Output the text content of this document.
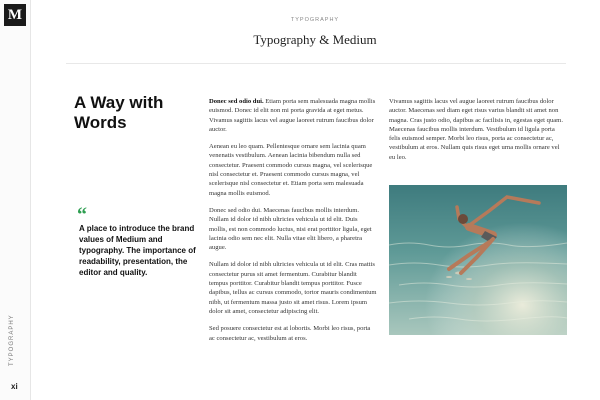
M
TYPOGRAPHY
xi
TYPOGRAPHY
Typography & Medium
A Way with Words
“
A place to introduce the brand values of Medium and typography. The importance of readability, presentation, the editor and quality.

Donec sed odio dui. Etiam porta sem malesuada magna mollis euismod. Donec id elit non mi porta gravida at eget metus. Vivamus sagittis lacus vel augue laoreet rutrum faucibus dolor auctor.

Aenean eu leo quam. Pellentesque ornare sem lacinia quam venenatis vestibulum. Aenean lacinia bibendum nulla sed consectetur. Praesent commodo cursus magna, vel scelerisque nisl consectetur et. Praesent commodo cursus magna, vel scelerisque nisl consectetur et. Etiam porta sem malesuada magna mollis euismod.

Donec sed odio dui. Maecenas faucibus mollis interdum. Nullam id dolor id nibh ultricies vehicula ut id elit. Duis mollis, est non commodo luctus, nisi erat porttitor ligula, eget lacinia odio sem nec elit. Nulla vitae elit libero, a pharetra augue.

Nullam id dolor id nibh ultricies vehicula ut id elit. Cras mattis consectetur purus sit amet fermentum. Curabitur blandit tempus porttitor. Curabitur blandit tempus porttitor. Fusce dapibus, tellus ac cursus commodo, tortor mauris condimentum nibh, ut fermentum massa justo sit amet risus. Lorem ipsum dolor sit amet, consectetur adipiscing elit.

Sed posuere consectetur est at lobortis. Morbi leo risus, porta ac consectetur ac, vestibulum at eros.

Vivamus sagittis lacus vel augue laoreet rutrum faucibus dolor auctor. Maecenas sed diam eget risus varius blandit sit amet non magna. Cras justo odio, dapibus ac facilisis in, egestas eget quam. Maecenas faucibus mollis interdum. Vestibulum id ligula porta felis euismod semper. Morbi leo risus, porta ac consectetur ac, vestibulum at eros. Nullam quis risus eget urna mollis ornare vel eu leo.
